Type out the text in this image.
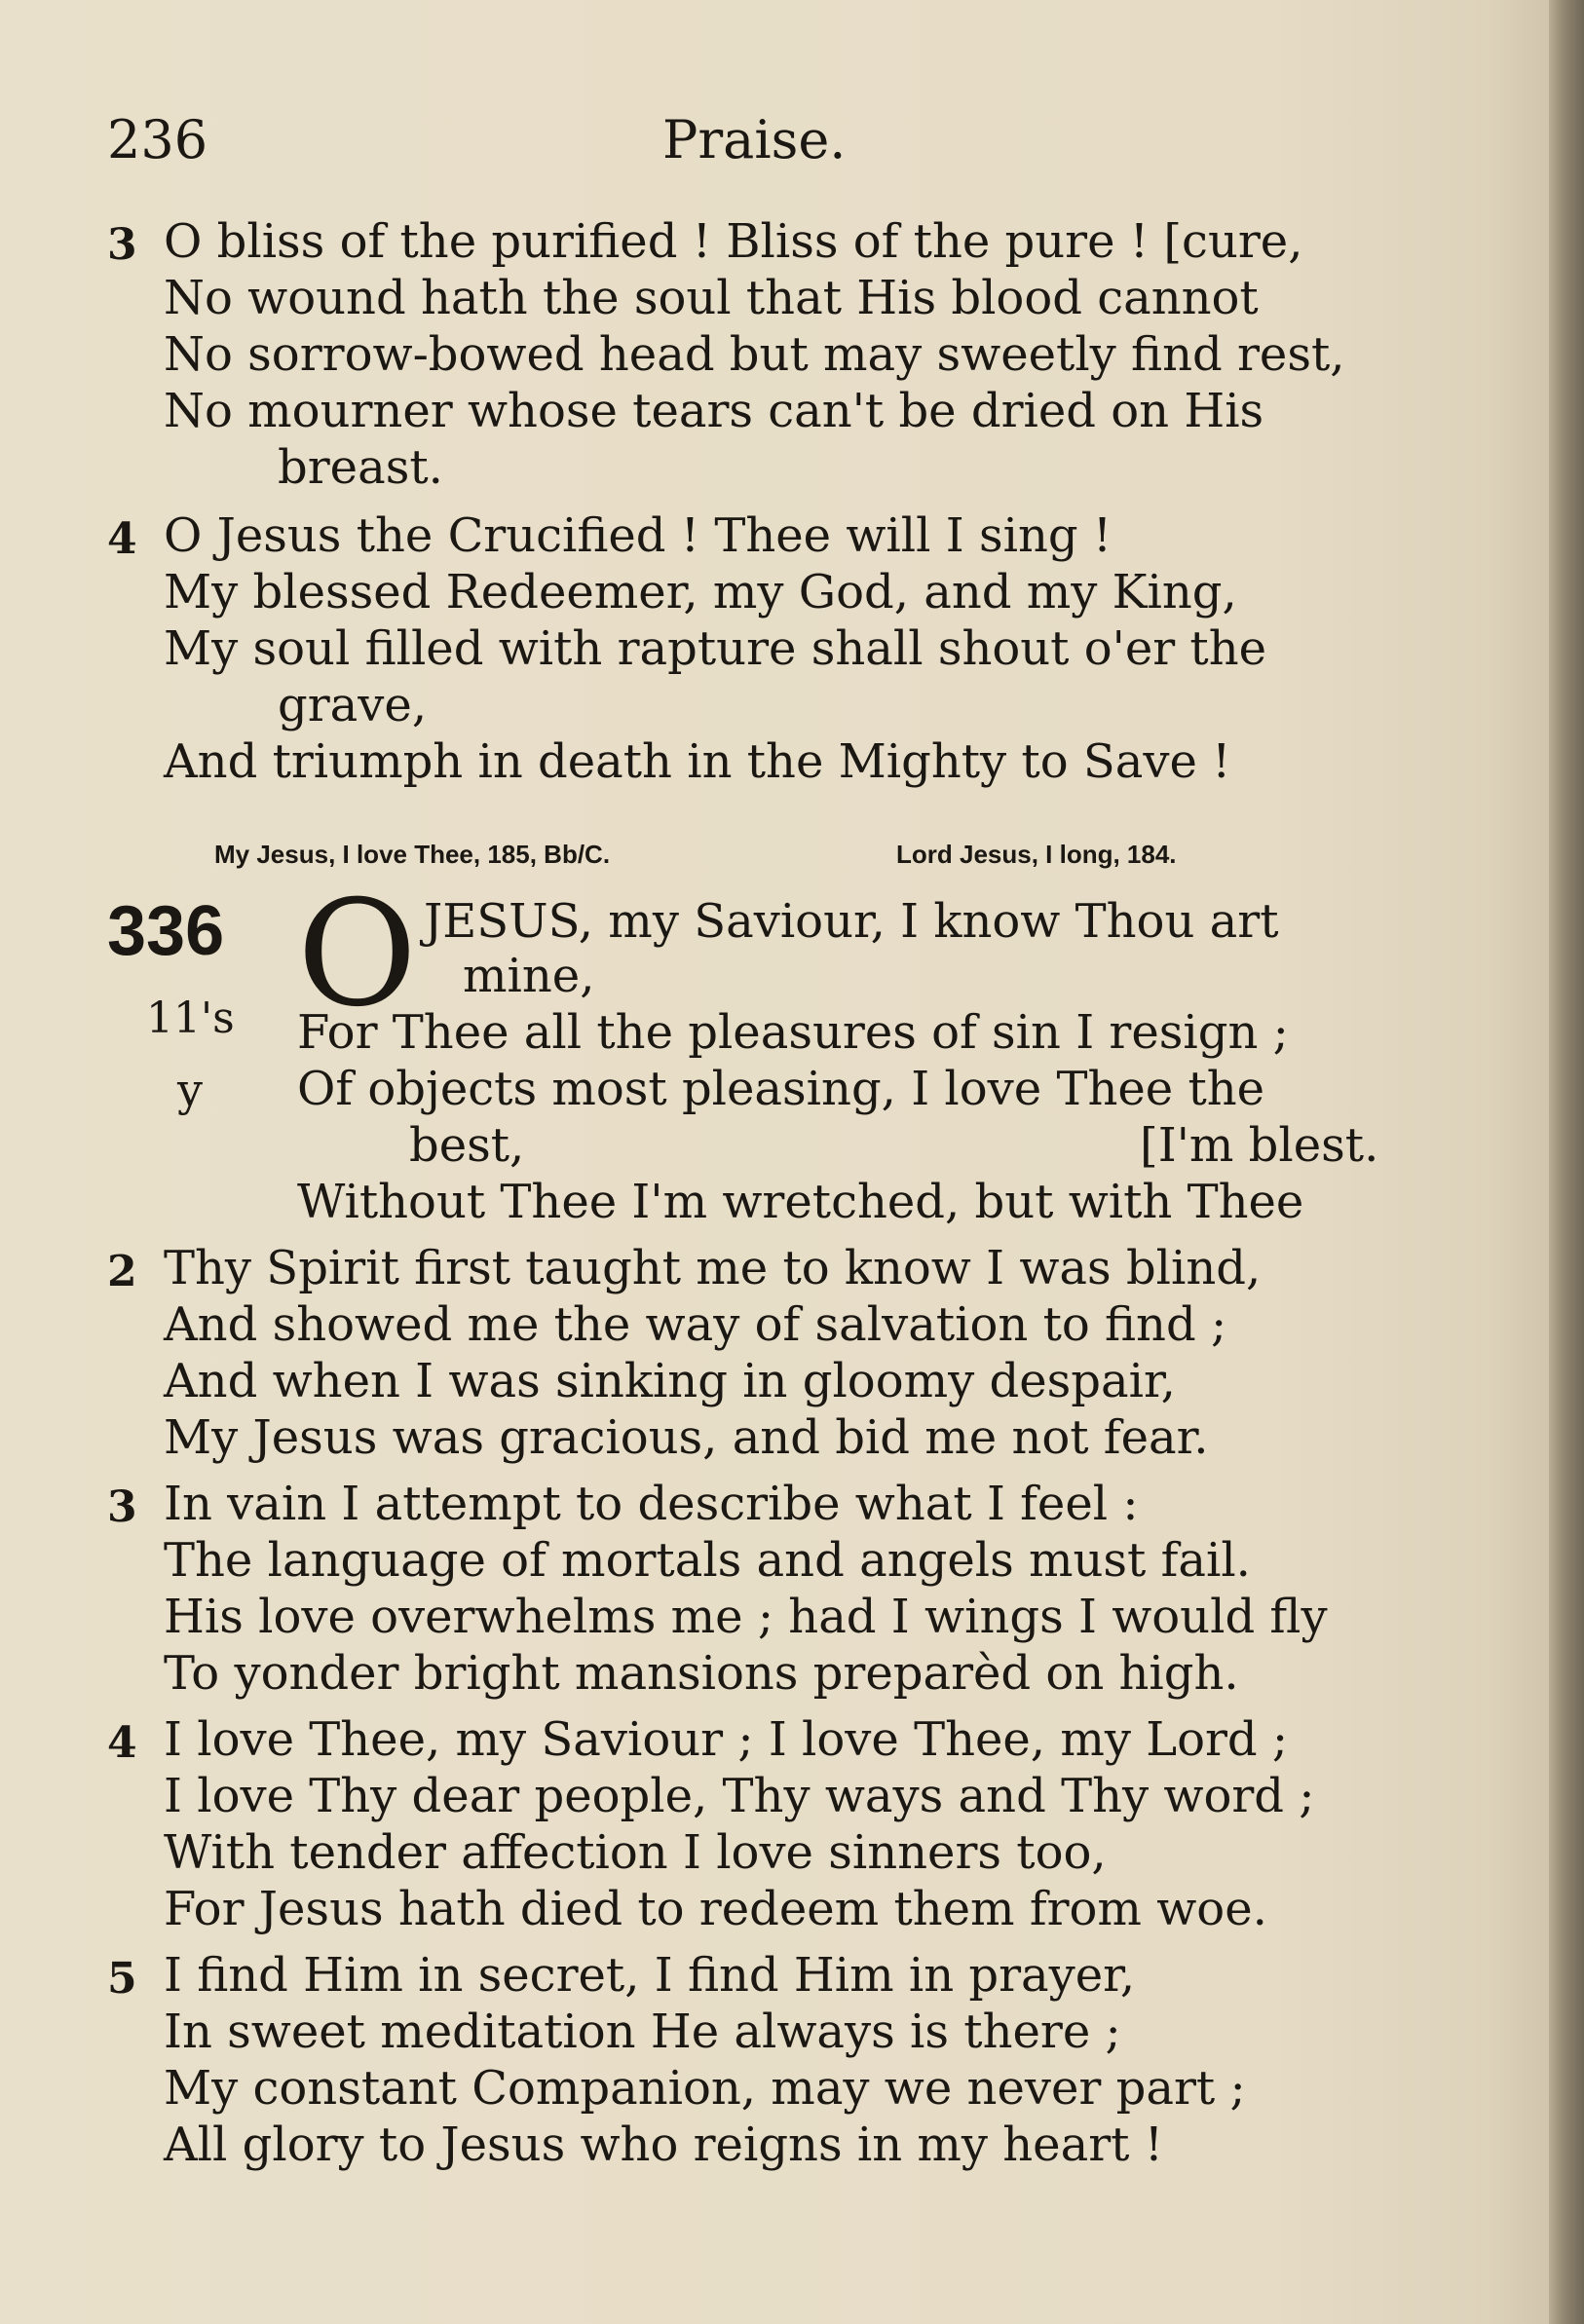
236	Praise.
3 O bliss of the purified ! Bliss of the pure ! [cure,
No wound hath the soul that His blood cannot
No sorrow-bowed head but may sweetly find rest,
No mourner whose tears can't be dried on His
breast.
4 O Jesus the Crucified ! Thee will I sing !
My blessed Redeemer, my God, and my King,
My soul filled with rapture shall shout o'er the
grave,
And triumph in death in the Mighty to Save !
My Jesus, I love Thee, 185, Bb/C.	Lord Jesus, I long, 184.
336
11's
y
O JESUS, my Saviour, I know Thou art
mine,
For Thee all the pleasures of sin I resign ;
Of objects most pleasing, I love Thee the
best,	[I'm blest.
Without Thee I'm wretched, but with Thee
2 Thy Spirit first taught me to know I was blind,
And showed me the way of salvation to find ;
And when I was sinking in gloomy despair,
My Jesus was gracious, and bid me not fear.
3 In vain I attempt to describe what I feel :
The language of mortals and angels must fail.
His love overwhelms me ; had I wings I would fly
To yonder bright mansions preparèd on high.
4 I love Thee, my Saviour ; I love Thee, my Lord ;
I love Thy dear people, Thy ways and Thy word ;
With tender affection I love sinners too,
For Jesus hath died to redeem them from woe.
5 I find Him in secret, I find Him in prayer,
In sweet meditation He always is there ;
My constant Companion, may we never part ;
All glory to Jesus who reigns in my heart !
